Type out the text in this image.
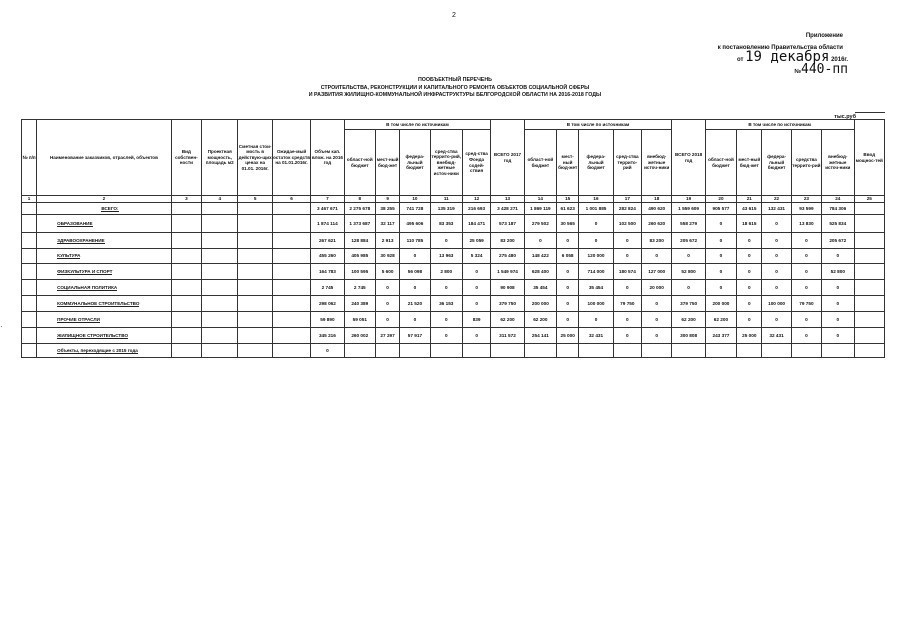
2
Приложение
к постановлению Правительства области
от 19 декабря 2016г.
№440-пп
ПООБЪЕКТНЫЙ ПЕРЕЧЕНЬ
СТРОИТЕЛЬСТВА, РЕКОНСТРУКЦИИ И КАПИТАЛЬНОГО РЕМОНТА ОБЪЕКТОВ СОЦИАЛЬНОЙ СФЕРЫ
И РАЗВИТИЯ ЖИЛИЩНО-КОММУНАЛЬНОЙ ИНФРАСТРУКТУРЫ БЕЛГОРОДСКОЙ ОБЛАСТИ НА 2016-2018 ГОДЫ
тыс.руб
№ п/п	Наименование заказчиков, отраслей, объектов	Вид собствен-ности	Проектная мощность, площадь м2	Сметная стои-мость в действую-щих ценах на 01.01. 2016г.	Ожидае-мый остаток средств на 01.01.2016г.	Объем кап. влож. на 2016 год	В том числе по источникам					ВСЕГО 2017 год	В том числе по источникам					ВСЕГО 2018 год	В том числе по источникам					Ввод мощнос-тей
							област-ной бюджет	мест-ный бюд-жет	федера-льный бюджет	сред-ства террито-рий, внебюд-жетные источ-ники	сред-ства Фонда содей-ствия		област-ной бюджет	мест-ный бюд-жет	федера-льный бюджет	сред-ства террито-рий	внебюд-жетные источ-ники		област-ной бюджет	мест-ный бюд-жет	федера-льный бюджет	средства террито-рий	внебюд-жетные источ-ники	
1	2	3	4	5	6	7	8	9	10	11	12	13	14	15	16	17	18	19	20	21	22	23	24	25
	ВСЕГО:					3 467 671	2 275 678	38 255	741 728	135 319	216 693	3 428 271	1 869 119	61 623	1 001 885	282 824	490 620	1 559 609	905 577	43 615	132 431	93 599	784 306	
	ОБРАЗОВАНИЕ					1 874 114	1 373 687	32 117	495 606	83 353	184 471	573 187	279 502	30 565	0	102 500	260 620	558 279	0	18 615	0	13 830	525 834	
	ЗДРАВООХРАНЕНИЕ					267 621	128 884	2 913	110 785	0	25 059	83 200	0	0	0	0	83 200	205 672	0	0	0	0	205 672	
	КУЛЬТУРА					455 260	405 985	30 928	0	13 963	5 324	275 480	148 422	6 058	120 000	0	0	0	0	0	0	0	0	
	ФИЗКУЛЬТУРА И СПОРТ					164 783	100 595	5 600	56 098	2 800	0	1 549 974	628 400	0	714 000	180 574	127 000	52 800	0	0	0	0	52 800	
	СОЦИАЛЬНАЯ ПОЛИТИКА					2 745	2 745	0	0	0	0	90 908	35 454	0	35 454	0	20 000	0	0	0	0	0	0	
	КОММУНАЛЬНОЕ СТРОИТЕЛЬСТВО					298 062	240 389	0	21 520	36 153	0	379 750	200 000	0	100 000	79 750	0	379 750	200 000	0	100 000	79 750	0	
	ПРОЧИЕ ОТРАСЛИ					59 890	59 051	0	0	0	839	62 200	62 200	0	0	0	0	62 200	62 200	0	0	0	0	
	ЖИЛИЩНОЕ СТРОИТЕЛЬСТВО					345 216	260 002	27 297	57 917	0	0	311 572	254 141	25 000	32 431	0	0	300 808	243 377	25 000	32 431	0	0	
	Объекты, переходящие с 2015 года					0																		
·
